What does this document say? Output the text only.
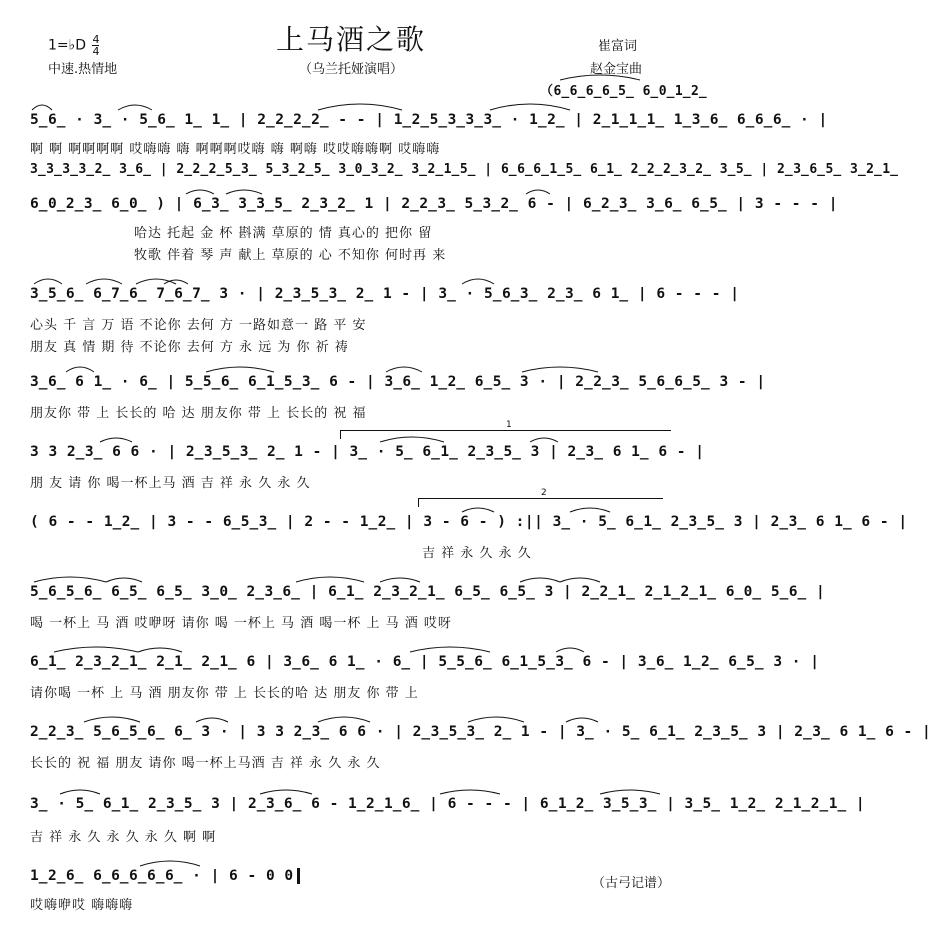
上马酒之歌
（乌兰托娅演唱）
1=♭D $\frac{4}{4}$
中速.热情地
崔富词
赵金宝曲
（6̲6̲6̲6̲5̲ 6̲0̲1̲2̲
5̲6̲ · 3̲ · 5̲6̲ 1̲ 1̲ | 2̲2̲2̲2̲ - - | 1̲2̲5̲3̲3̲3̲ · 1̲2̲ | 2̲1̲1̲1̲ 1̲3̲6̲ 6̲6̲6̲ · |
啊 啊 啊啊啊啊 哎嗨嗨 嗨 啊啊啊哎嗨 嗨 啊嗨 哎哎嗨嗨啊 哎嗨嗨
3̲3̲3̲3̲2̲ 3̲6̲ | 2̲2̲2̲5̲3̲ 5̲3̲2̲5̲ 3̲0̲3̲2̲ 3̲2̲1̲5̲ | 6̲6̲6̲1̲5̲ 6̲1̲ 2̲2̲2̲3̲2̲ 3̲5̲ | 2̲3̲6̲5̲ 3̲2̲1̲
6̲0̲2̲3̲ 6̲0̲ ) | 6̲3̲ 3̲3̲5̲ 2̲3̲2̲ 1 | 2̲2̲3̲ 5̲3̲2̲ 6 - | 6̲2̲3̲ 3̲6̲ 6̲5̲ | 3 - - - |
哈达 托起 金 杯 斟满 草原的 情 真心的 把你 留
牧歌 伴着 琴 声 献上 草原的 心 不知你 何时再 来
3̲5̲6̲ 6̲7̲6̲ 7̲6̲7̲ 3 · | 2̲3̲5̲3̲ 2̲ 1 - | 3̲ · 5̲6̲3̲ 2̲3̲ 6 1̲ | 6 - - - |
心头 千 言 万 语 不论你 去何 方 一路如意一 路 平 安
朋友 真 情 期 待 不论你 去何 方 永 远 为 你 祈 祷
3̲6̲ 6 1̲ · 6̲ | 5̲5̲6̲ 6̲1̲5̲3̲ 6 - | 3̲6̲ 1̲2̲ 6̲5̲ 3 · | 2̲2̲3̲ 5̲6̲6̲5̲ 3 - |
朋友你 带 上 长长的 哈 达 朋友你 带 上 长长的 祝 福
3 3 2̲3̲ 6 6 · | 2̲3̲5̲3̲ 2̲ 1 - | 3̲ · 5̲ 6̲1̲ 2̲3̲5̲ 3 | 2̲3̲ 6 1̲ 6 - |
朋 友 请 你 喝一杯上马 酒 吉 祥 永 久 永 久
1
( 6 - - 1̲2̲ | 3 - - 6̲5̲3̲ | 2 - - 1̲2̲ | 3 - 6 - ) :|| 3̲ · 5̲ 6̲1̲ 2̲3̲5̲ 3 | 2̲3̲ 6 1̲ 6 - |
吉 祥 永 久 永 久
2
5̲6̲5̲6̲ 6̲5̲ 6̲5̲ 3̲0̲ 2̲3̲6̲ | 6̲1̲ 2̲3̲2̲1̲ 6̲5̲ 6̲5̲ 3 | 2̲2̲1̲ 2̲1̲2̲1̲ 6̲0̲ 5̲6̲ |
喝 一杯上 马 酒 哎咿呀 请你 喝 一杯上 马 酒 喝一杯 上 马 酒 哎呀
6̲1̲ 2̲3̲2̲1̲ 2̲1̲ 2̲1̲ 6 | 3̲6̲ 6 1̲ · 6̲ | 5̲5̲6̲ 6̲1̲5̲3̲ 6 - | 3̲6̲ 1̲2̲ 6̲5̲ 3 · |
请你喝 一杯 上 马 酒 朋友你 带 上 长长的哈 达 朋友 你 带 上
2̲2̲3̲ 5̲6̲5̲6̲ 6̲ 3 · | 3 3 2̲3̲ 6 6 · | 2̲3̲5̲3̲ 2̲ 1 - | 3̲ · 5̲ 6̲1̲ 2̲3̲5̲ 3 | 2̲3̲ 6 1̲ 6 - |
长长的 祝 福 朋友 请你 喝一杯上马酒 吉 祥 永 久 永 久
3̲ · 5̲ 6̲1̲ 2̲3̲5̲ 3 | 2̲3̲6̲ 6 - 1̲2̲1̲6̲ | 6 - - - | 6̲1̲2̲ 3̲5̲3̲ | 3̲5̲ 1̲2̲ 2̲1̲2̲1̲ |
吉 祥 永 久 永 久 永 久 啊 啊
1̲2̲6̲ 6̲6̲6̲6̲6̲ · | 6 - 0 0
哎嗨咿哎 嗨嗨嗨
（古弓记谱）
